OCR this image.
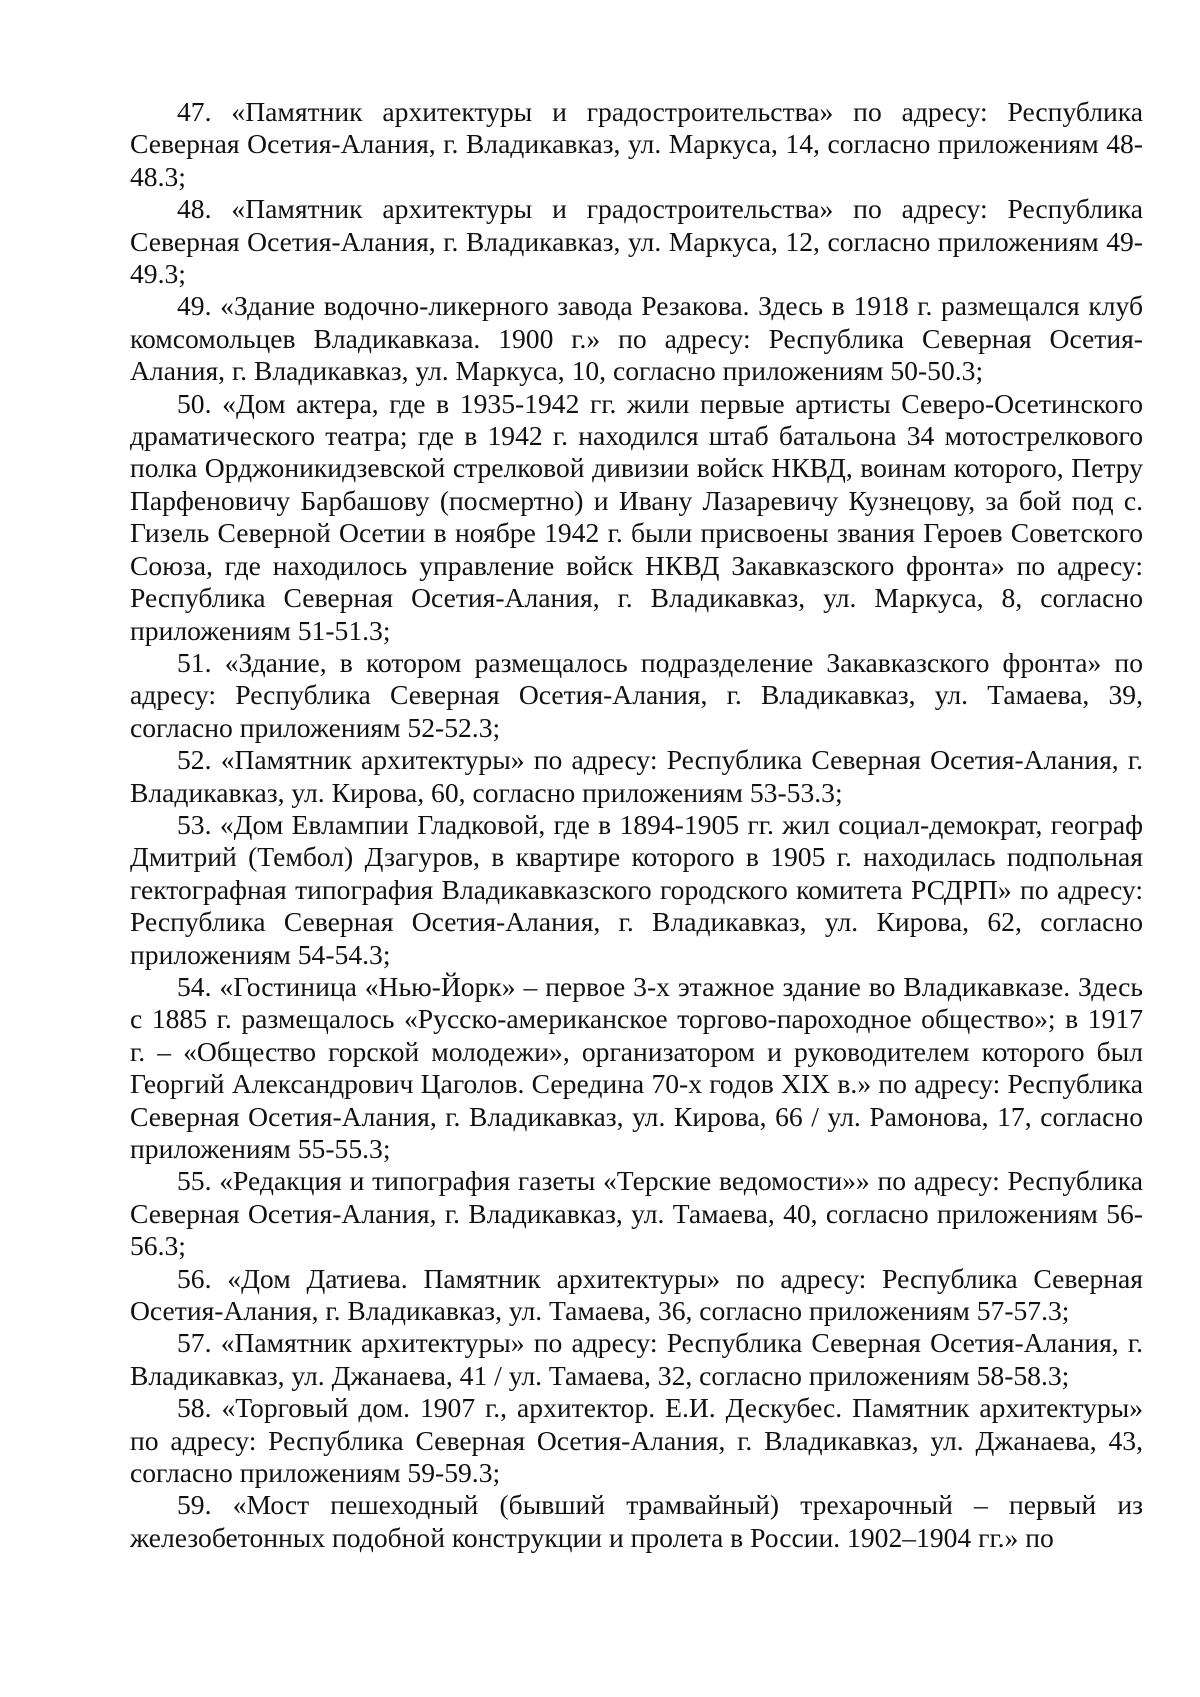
47. «Памятник архитектуры и градостроительства» по адресу: Республика Северная Осетия-Алания, г. Владикавказ, ул. Маркуса, 14, согласно приложениям 48-48.3;

48. «Памятник архитектуры и градостроительства» по адресу: Республика Северная Осетия-Алания, г. Владикавказ, ул. Маркуса, 12, согласно приложениям 49-49.3;

49. «Здание водочно-ликерного завода Резакова. Здесь в 1918 г. размещался клуб комсомольцев Владикавказа. 1900 г.» по адресу: Республика Северная Осетия-Алания, г. Владикавказ, ул. Маркуса, 10, согласно приложениям 50-50.3;

50. «Дом актера, где в 1935-1942 гг. жили первые артисты Северо-Осетинского драматического театра; где в 1942 г. находился штаб батальона 34 мотострелкового полка Орджоникидзевской стрелковой дивизии войск НКВД, воинам которого, Петру Парфеновичу Барбашову (посмертно) и Ивану Лазаревичу Кузнецову, за бой под с. Гизель Северной Осетии в ноябре 1942 г. были присвоены звания Героев Советского Союза, где находилось управление войск НКВД Закавказского фронта» по адресу: Республика Северная Осетия-Алания, г. Владикавказ, ул. Маркуса, 8, согласно приложениям 51-51.3;

51. «Здание, в котором размещалось подразделение Закавказского фронта» по адресу: Республика Северная Осетия-Алания, г. Владикавказ, ул. Тамаева, 39, согласно приложениям 52-52.3;

52. «Памятник архитектуры» по адресу: Республика Северная Осетия-Алания, г. Владикавказ, ул. Кирова, 60, согласно приложениям 53-53.3;

53. «Дом Евлампии Гладковой, где в 1894-1905 гг. жил социал-демократ, географ Дмитрий (Тембол) Дзагуров, в квартире которого в 1905 г. находилась подпольная гектографная типография Владикавказского городского комитета РСДРП» по адресу: Республика Северная Осетия-Алания, г. Владикавказ, ул. Кирова, 62, согласно приложениям 54-54.3;

54. «Гостиница «Нью-Йорк» – первое 3-х этажное здание во Владикавказе. Здесь с 1885 г. размещалось «Русско-американское торгово-пароходное общество»; в 1917 г. – «Общество горской молодежи», организатором и руководителем которого был Георгий Александрович Цаголов. Середина 70-х годов XIX в.» по адресу: Республика Северная Осетия-Алания, г. Владикавказ, ул. Кирова, 66 / ул. Рамонова, 17, согласно приложениям 55-55.3;

55. «Редакция и типография газеты «Терские ведомости»» по адресу: Республика Северная Осетия-Алания, г. Владикавказ, ул. Тамаева, 40, согласно приложениям 56-56.3;

56. «Дом Датиева. Памятник архитектуры» по адресу: Республика Северная Осетия-Алания, г. Владикавказ, ул. Тамаева, 36, согласно приложениям 57-57.3;

57. «Памятник архитектуры» по адресу: Республика Северная Осетия-Алания, г. Владикавказ, ул. Джанаева, 41 / ул. Тамаева, 32, согласно приложениям 58-58.3;

58. «Торговый дом. 1907 г., архитектор. Е.И. Дескубес. Памятник архитектуры» по адресу: Республика Северная Осетия-Алания, г. Владикавказ, ул. Джанаева, 43, согласно приложениям 59-59.3;

59. «Мост пешеходный (бывший трамвайный) трехарочный – первый из железобетонных подобной конструкции и пролета в России. 1902–1904 гг.» по
